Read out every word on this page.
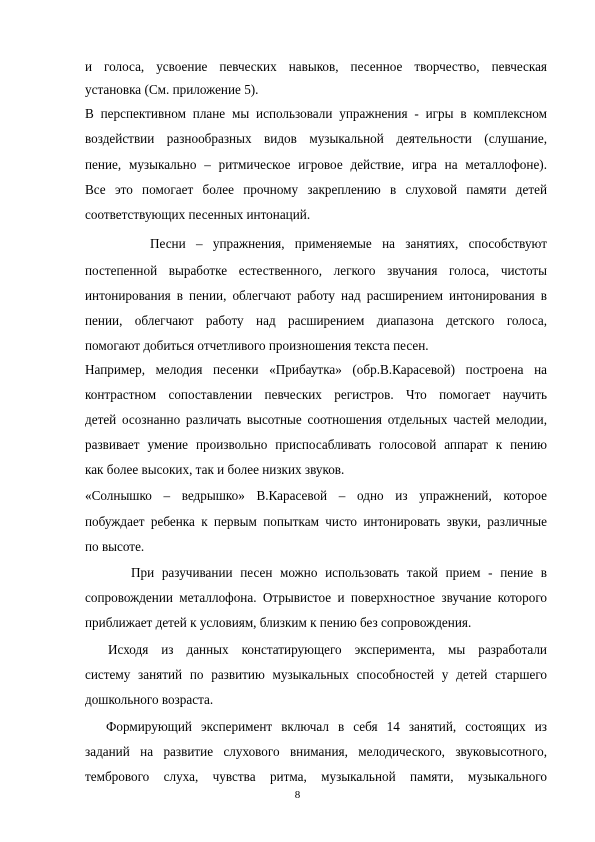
и голоса, усвоение певческих навыков, песенное творчество, певческая
установка (См. приложение 5).
В перспективном плане мы использовали упражнения - игры в комплексном
воздействии разнообразных видов музыкальной деятельности (слушание,
пение, музыкально – ритмическое игровое действие, игра на металлофоне).
Все это помогает более прочному закреплению в слуховой памяти детей
соответствующих песенных интонаций.
Песни – упражнения, применяемые на занятиях, способствуют
постепенной выработке естественного, легкого звучания голоса, чистоты
интонирования в пении, облегчают работу над расширением интонирования в
пении, облегчают работу над расширением диапазона детского голоса,
помогают добиться отчетливого произношения текста песен.
Например, мелодия песенки «Прибаутка» (обр.В.Карасевой) построена на
контрастном сопоставлении певческих регистров. Что помогает научить
детей осознанно различать высотные соотношения отдельных частей мелодии,
развивает умение произвольно приспосабливать голосовой аппарат к пению
как более высоких, так и более низких звуков.
«Солнышко – ведрышко» В.Карасевой – одно из упражнений, которое
побуждает ребенка к первым попыткам чисто интонировать звуки, различные
по высоте.
При разучивании песен можно использовать такой прием - пение в
сопровождении металлофона. Отрывистое и поверхностное звучание которого
приближает детей к условиям, близким к пению без сопровождения.
Исходя из данных констатирующего эксперимента, мы разработали
систему занятий по развитию музыкальных способностей у детей старшего
дошкольного возраста.
Формирующий эксперимент включал в себя 14 занятий, состоящих из
заданий на развитие слухового внимания, мелодического, звуковысотного,
тембрового слуха, чувства ритма, музыкальной памяти, музыкального
8
